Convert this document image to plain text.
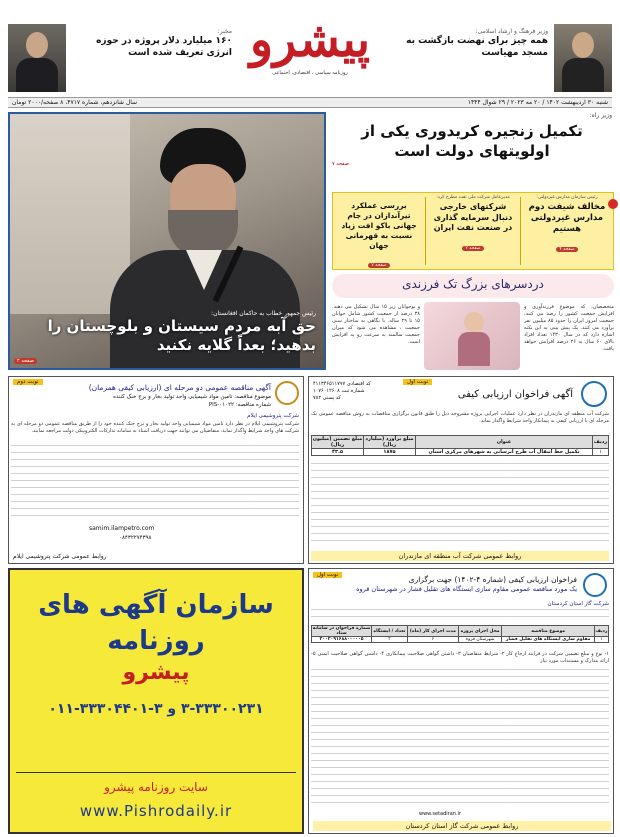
مخبر:
۱۶۰ میلیارد دلار پروژه در حوزه انرژی تعریف شده است پیشرو
روزنامه سیاسی ، اقتصادی، اجتماعی
وزیر فرهنگ و ارشاد اسلامی:
همه چیز برای نهضت بازگشت به مسجد مهیاست
شنبه ۳۰ اردیبهشت ۱۴۰۲ / ۲۰ مه ۲۰۲۳ / ۲۹ شوال ۱۴۴۴
سال شانزدهم، شماره ۴۷۱۷، ۸ صفحه/۲۰۰۰ تومان
وزیر راه:
تکمیل زنجیره کریدوری یکی از اولویتهای دولت است
صفحه ۷
رئیس سازمان مدارس غیردولتی:
مخالف شیفت دوم مدارس غیردولتی هستیم
صفحه ۴
مدیرعامل شرکت ملی نفت مطرح کرد:
شرکتهای خارجی دنبال سرمایه گذاری در صنعت نفت ایران
صفحه ۲
بررسی عملکرد تیرآندازان در جام جهانی باکو افت زیاد نسبت به قهرمانی جهان
صفحه ۷
رئیس جمهور خطاب به حاکمان افغانستان:
حق آبه مردم سیستان و بلوچستان را بدهید؛ بعداً گلایه نکنید
صفحه ۲
دردسرهای بزرگ تک فرزندی
متخصصان، که موضوع فرزندآوری و افزایش جمعیت کشور را رصد می کنند، جمعیت امروز ایران را حدود ۸۵ میلیون نفر برآورد می کنند. یک پیش بینی به این نکته اشاره دارد که در سال ۱۴۳۰ تعداد افراد بالای ۶۰ سال به ۲۶ درصد افزایش خواهد یافت.
و نوجوانان زیر ۱۵ سال تشکیل می دهند. ۳۸ درصد از جمعیت کشور شامل جوانان ۱۵ تا ۲۹ ساله. با نگاهی به ساختار سنی جمعیت ، مشاهده می شود که میزان جمعیت سالمند به سرعت رو به افزایش است.
نوبت اول
آگهی فراخوان ارزیابی کیفی
کد اقتصادی ۴۱۱۳۴۶۵۱۱۷۷۷
شماره ثبت ۱۰۷۶۰۱۲۶۰۸
کد پستی ۷۸۲
شرکت آب منطقه ای مازندران در نظر دارد عملیات اجرایی پروژه مشروحه ذیل را طبق قانون برگزاری مناقصات به روش مناقصه عمومی یک مرحله ای با ارزیابی کیفی به پیمانکار واجد شرایط واگذار نماید.
ردیف	عنوان	مبلغ برآورد (میلیارد ریال)	مبلغ تضمین (میلیون ریال)
۱	تکمیل خط انتقال آب طرح آبرسانی به شهرهای مرکزی استان	۱۸۷۵	۴۳.۵
روابط عمومی شرکت آب منطقه ای مازندران
نوبت دوم
آگهی مناقصه عمومی دو مرحله ای (ارزیابی کیفی همزمان)
موضوع مناقصه: تامین مواد شیمیایی واحد تولید بخار و برج خنک کننده
شماره مناقصه: PIS-۰۱۰۲۲
شرکت پتروشیمی ایلام
شرکت پتروشیمی ایلام در نظر دارد تامین مواد شیمیایی واحد تولید بخار و برج خنک کننده خود را از طریق مناقصه عمومی دو مرحله ای به شرکت های واجد شرایط واگذار نماید. متقاضیان می توانند جهت دریافت اسناد به سامانه تدارکات الکترونیکی دولت مراجعه نمایند.
samim.ilampetro.com
۰۸۴۳۲۲۷۴۳۹۸
روابط عمومی شرکت پتروشیمی ایلام
سازمان آگهی های
روزنامه
پیشرو
۳-۳۳۳۰۰۲۳۱ و ۳-۳۳۳۰۴۴۰۱-۰۱۱
سایت روزنامه پیشرو
www.Pishrodaily.ir
نوبت اول	فراخوان ارزیابی کیفی (شماره ۴-۱۴۰۲) جهت برگزاری
یک مورد مناقصه عمومی مقاوم سازی ایستگاه های تقلیل فشار در شهرستان قروه
شرکت گاز استان کردستان
ردیف	موضوع مناقصه	محل اجرای پروژه	مدت اجرای کار (ماه)	تعداد / ایستگاه	شماره فراخوان در سامانه ستاد
۱	مقاوم سازی ایستگاه های تقلیل فشار	شهرستان قروه	۶	۳	۲۰۰۲۰۹۱۶۸۸۰۰۰۰۰۵
۱- نوع و مبلغ تضمین شرکت در فرایند ارجاع کار ۲- شرایط متقاضیان ۳- داشتن گواهی صلاحیت پیمانکاری ۴- داشتن گواهی صلاحیت ایمنی ۵- ارائه مدارک و مستندات مورد نیاز
www.setadiran.ir
روابط عمومی شرکت گاز استان کردستان
